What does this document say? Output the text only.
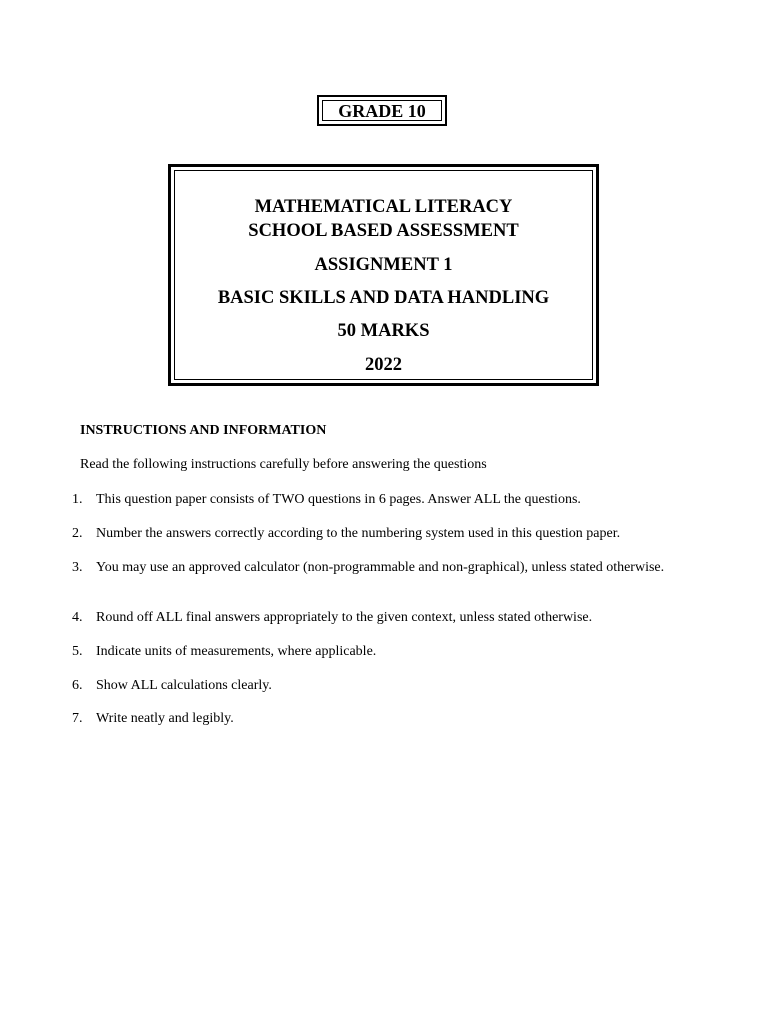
GRADE 10
MATHEMATICAL LITERACY
SCHOOL BASED ASSESSMENT
ASSIGNMENT 1
BASIC SKILLS AND DATA HANDLING
50 MARKS
2022
INSTRUCTIONS AND INFORMATION
Read the following instructions carefully before answering the questions
1. This question paper consists of TWO questions in 6 pages. Answer ALL the questions.
2. Number the answers correctly according to the numbering system used in this question paper.
3. You may use an approved calculator (non-programmable and non-graphical), unless stated otherwise.
4. Round off ALL final answers appropriately to the given context, unless stated otherwise.
5. Indicate units of measurements, where applicable.
6. Show ALL calculations clearly.
7. Write neatly and legibly.
